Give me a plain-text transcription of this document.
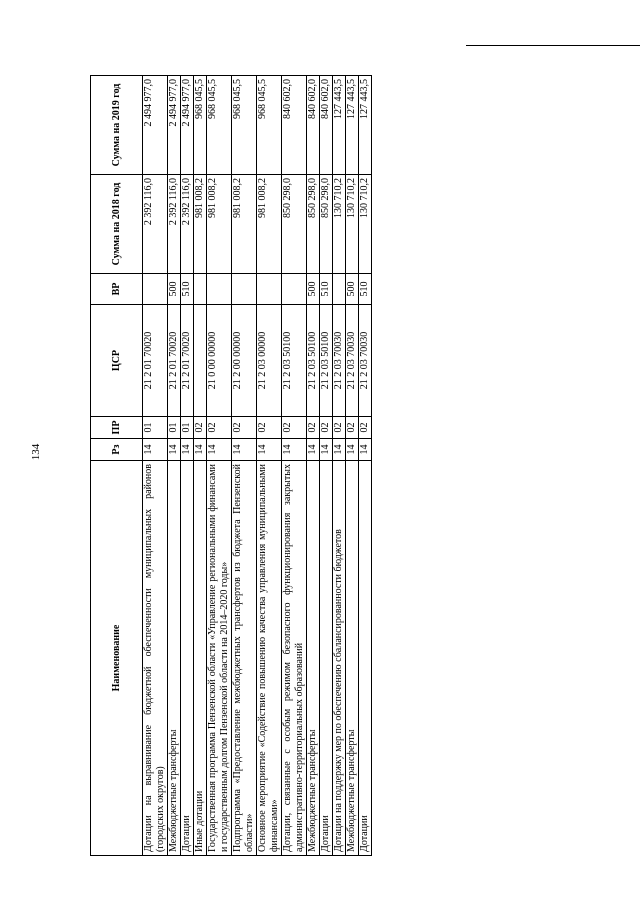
134
Наименование	Рз	ПР	ЦСР	ВР	Сумма на 2018 год	Сумма на 2019 год
Дотации на выравнивание бюджетной обеспеченности муниципальных районов (городских округов)	14	01	21 2 01 70020		2 392 116,0	2 494 977,0
Межбюджетные трансферты	14	01	21 2 01 70020	500	2 392 116,0	2 494 977,0
Дотации	14	01	21 2 01 70020	510	2 392 116,0	2 494 977,0
Иные дотации	14	02			981 008,2	968 045,5
Государственная программа Пензенской области «Управление региональными финансами и государственным долгом Пензенской области на 2014–2020 годы»	14	02	21 0 00 00000		981 008,2	968 045,5
Подпрограмма «Предоставление межбюджетных трансфертов из бюджета Пензенской области»	14	02	21 2 00 00000		981 008,2	968 045,5
Основное мероприятие «Содействие повышению качества управления муниципальными финансами»	14	02	21 2 03 00000		981 008,2	968 045,5
Дотации, связанные с особым режимом безопасного функционирования закрытых административно-территориальных образований	14	02	21 2 03 50100		850 298,0	840 602,0
Межбюджетные трансферты	14	02	21 2 03 50100	500	850 298,0	840 602,0
Дотации	14	02	21 2 03 50100	510	850 298,0	840 602,0
Дотации на поддержку мер по обеспечению сбалансированности бюджетов	14	02	21 2 03 70030		130 710,2	127 443,5
Межбюджетные трансферты	14	02	21 2 03 70030	500	130 710,2	127 443,5
Дотации	14	02	21 2 03 70030	510	130 710,2	127 443,5
